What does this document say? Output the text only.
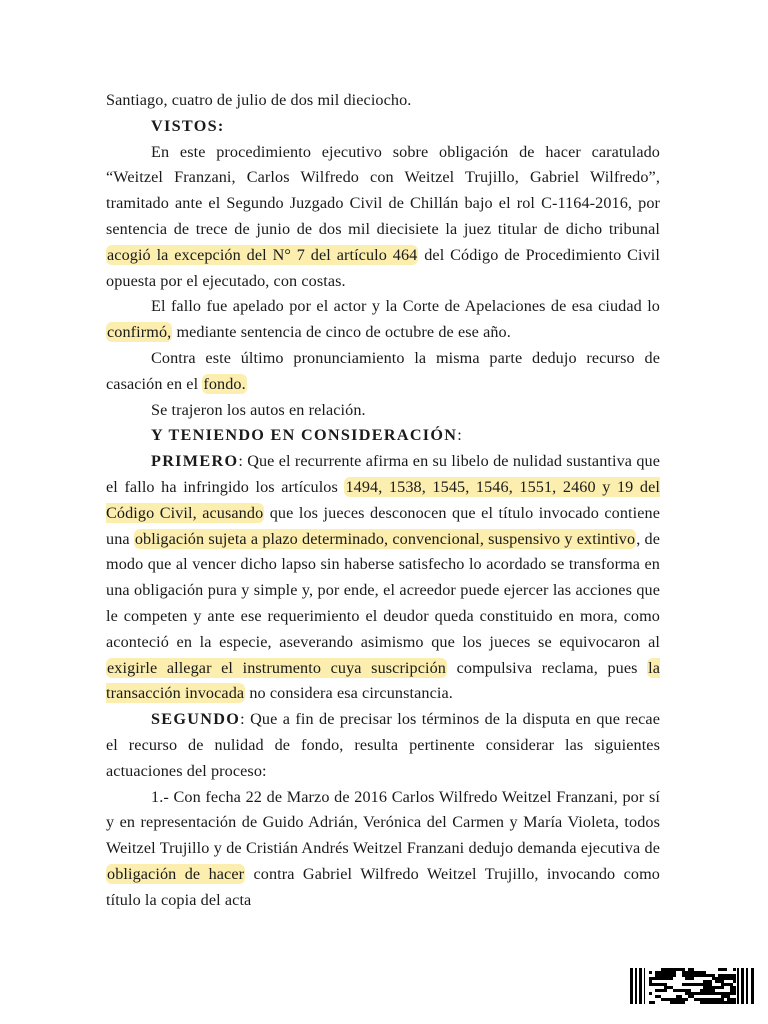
Santiago, cuatro de julio de dos mil dieciocho.

VISTOS:

En este procedimiento ejecutivo sobre obligación de hacer caratulado “Weitzel Franzani, Carlos Wilfredo con Weitzel Trujillo, Gabriel Wilfredo”, tramitado ante el Segundo Juzgado Civil de Chillán bajo el rol C-1164-2016, por sentencia de trece de junio de dos mil diecisiete la juez titular de dicho tribunal acogió la excepción del N° 7 del artículo 464 del Código de Procedimiento Civil opuesta por el ejecutado, con costas.

El fallo fue apelado por el actor y la Corte de Apelaciones de esa ciudad lo confirmó, mediante sentencia de cinco de octubre de ese año.

Contra este último pronunciamiento la misma parte dedujo recurso de casación en el fondo.

Se trajeron los autos en relación.

Y TENIENDO EN CONSIDERACIÓN:

PRIMERO: Que el recurrente afirma en su libelo de nulidad sustantiva que el fallo ha infringido los artículos 1494, 1538, 1545, 1546, 1551, 2460 y 19 del Código Civil, acusando que los jueces desconocen que el título invocado contiene una obligación sujeta a plazo determinado, convencional, suspensivo y extintivo, de modo que al vencer dicho lapso sin haberse satisfecho lo acordado se transforma en una obligación pura y simple y, por ende, el acreedor puede ejercer las acciones que le competen y ante ese requerimiento el deudor queda constituido en mora, como aconteció en la especie, aseverando asimismo que los jueces se equivocaron al exigirle allegar el instrumento cuya suscripción compulsiva reclama, pues la transacción invocada no considera esa circunstancia.

SEGUNDO: Que a fin de precisar los términos de la disputa en que recae el recurso de nulidad de fondo, resulta pertinente considerar las siguientes actuaciones del proceso:

1.- Con fecha 22 de Marzo de 2016 Carlos Wilfredo Weitzel Franzani, por sí y en representación de Guido Adrián, Verónica del Carmen y María Violeta, todos Weitzel Trujillo y de Cristián Andrés Weitzel Franzani dedujo demanda ejecutiva de obligación de hacer contra Gabriel Wilfredo Weitzel Trujillo, invocando como título la copia del acta
